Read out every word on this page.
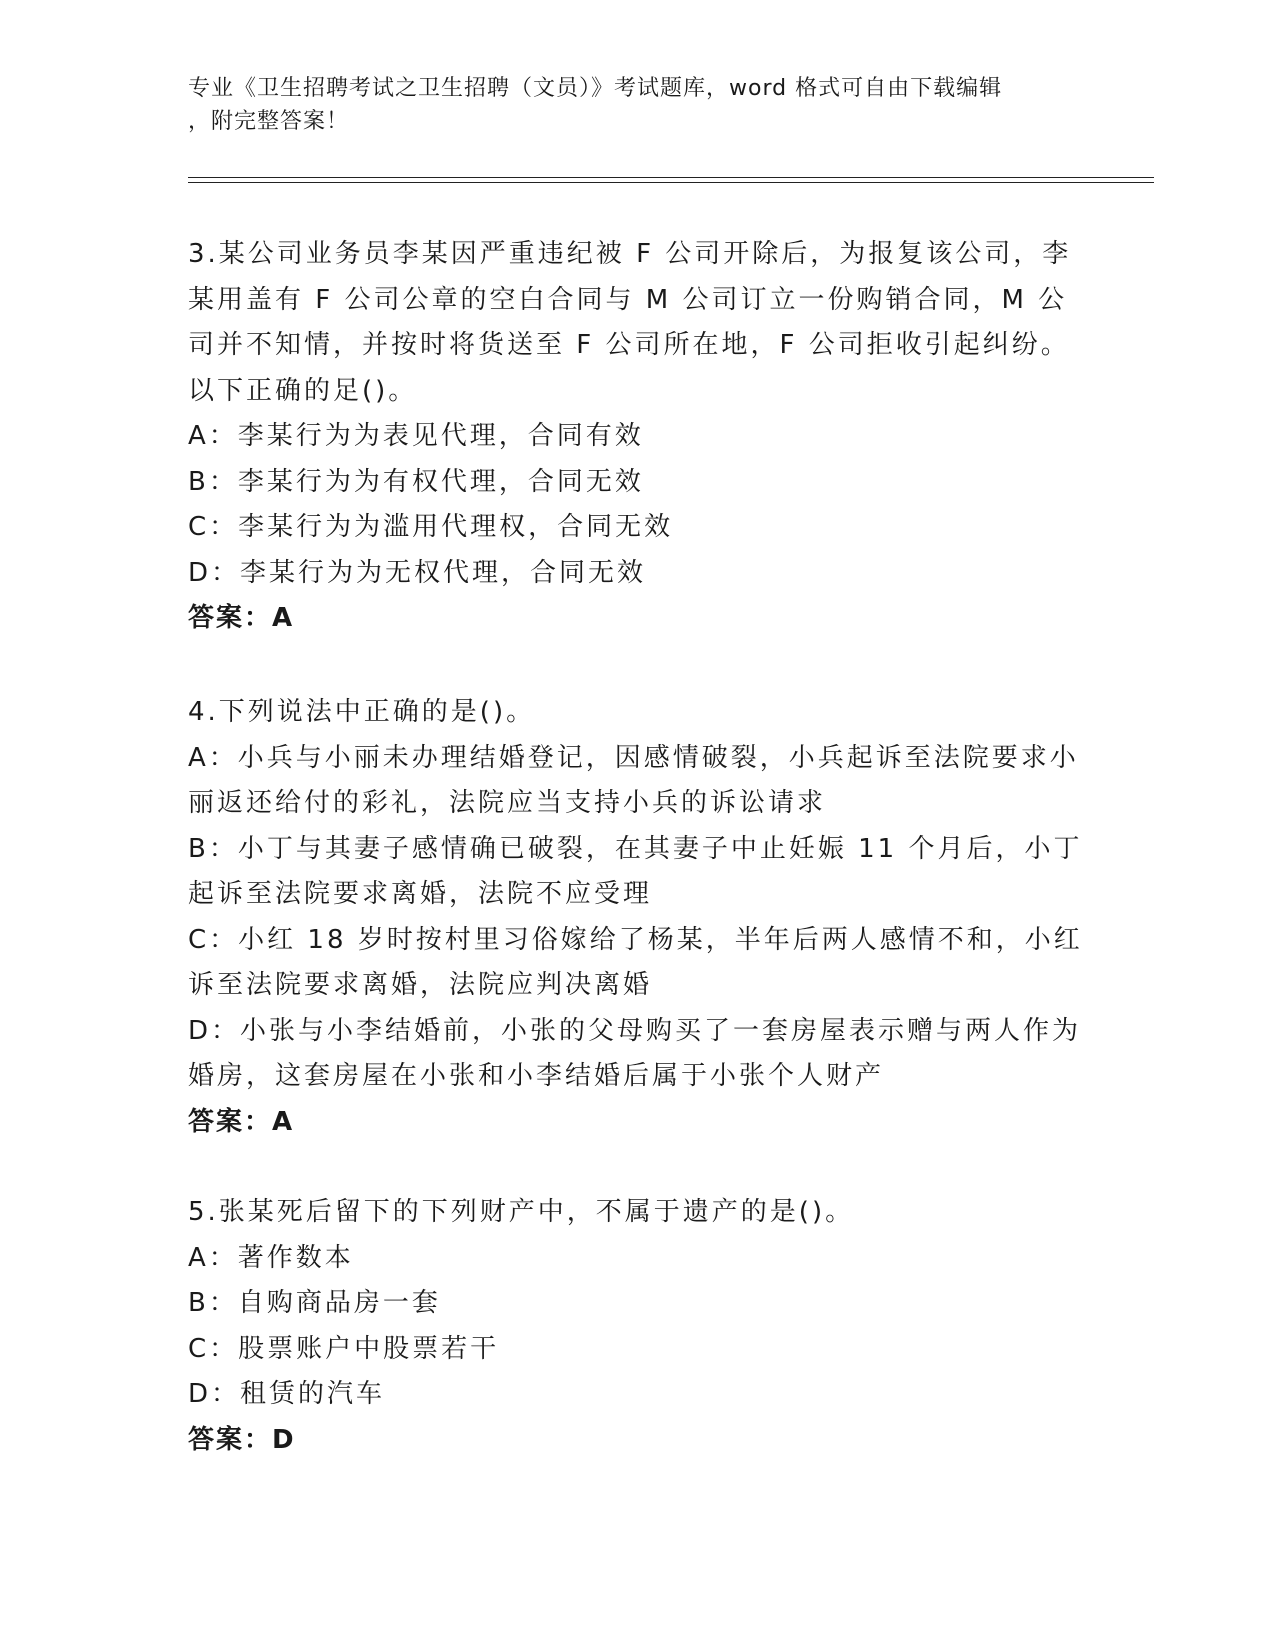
专业《卫生招聘考试之卫生招聘（文员）》考试题库，word 格式可自由下载编辑
，附完整答案！

3.某公司业务员李某因严重违纪被 F 公司开除后，为报复该公司，李某用盖有 F 公司公章的空白合同与 M 公司订立一份购销合同，M 公司并不知情，并按时将货送至 F 公司所在地，F 公司拒收引起纠纷。以下正确的足()。

A：李某行为为表见代理，合同有效

B：李某行为为有权代理，合同无效

C：李某行为为滥用代理权，合同无效

D：李某行为为无权代理，合同无效

答案：A

4.下列说法中正确的是()。

A：小兵与小丽未办理结婚登记，因感情破裂，小兵起诉至法院要求小丽返还给付的彩礼，法院应当支持小兵的诉讼请求

B：小丁与其妻子感情确已破裂，在其妻子中止妊娠 11 个月后，小丁起诉至法院要求离婚，法院不应受理

C：小红 18 岁时按村里习俗嫁给了杨某，半年后两人感情不和，小红诉至法院要求离婚，法院应判决离婚

D：小张与小李结婚前，小张的父母购买了一套房屋表示赠与两人作为婚房，这套房屋在小张和小李结婚后属于小张个人财产

答案：A

5.张某死后留下的下列财产中，不属于遗产的是()。

A：著作数本

B：自购商品房一套

C：股票账户中股票若干

D：租赁的汽车

答案：D
